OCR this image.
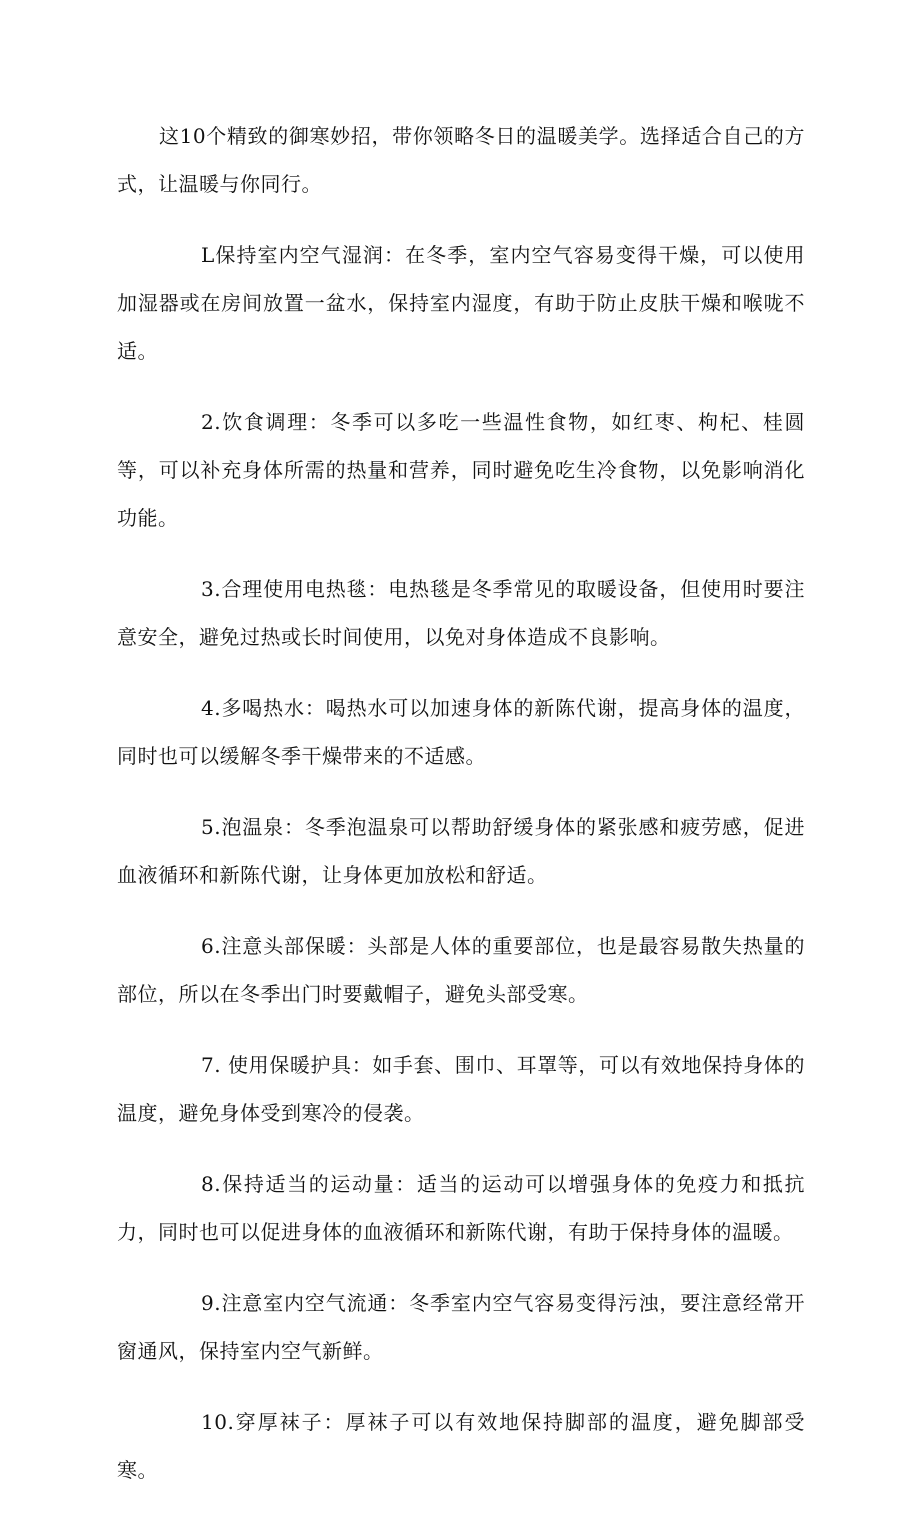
这10个精致的御寒妙招，带你领略冬日的温暖美学。选择适合自己的方式，让温暖与你同行。

L保持室内空气湿润：在冬季，室内空气容易变得干燥，可以使用加湿器或在房间放置一盆水，保持室内湿度，有助于防止皮肤干燥和喉咙不适。

2.饮食调理：冬季可以多吃一些温性食物，如红枣、枸杞、桂圆等，可以补充身体所需的热量和营养，同时避免吃生冷食物，以免影响消化功能。

3.合理使用电热毯：电热毯是冬季常见的取暖设备，但使用时要注意安全，避免过热或长时间使用，以免对身体造成不良影响。

4.多喝热水：喝热水可以加速身体的新陈代谢，提高身体的温度，同时也可以缓解冬季干燥带来的不适感。

5.泡温泉：冬季泡温泉可以帮助舒缓身体的紧张感和疲劳感，促进血液循环和新陈代谢，让身体更加放松和舒适。

6.注意头部保暖：头部是人体的重要部位，也是最容易散失热量的部位，所以在冬季出门时要戴帽子，避免头部受寒。

7. 使用保暖护具：如手套、围巾、耳罩等，可以有效地保持身体的温度，避免身体受到寒冷的侵袭。

8.保持适当的运动量：适当的运动可以增强身体的免疫力和抵抗力，同时也可以促进身体的血液循环和新陈代谢，有助于保持身体的温暖。

9.注意室内空气流通：冬季室内空气容易变得污浊，要注意经常开窗通风，保持室内空气新鲜。

10.穿厚袜子：厚袜子可以有效地保持脚部的温度，避免脚部受寒。
